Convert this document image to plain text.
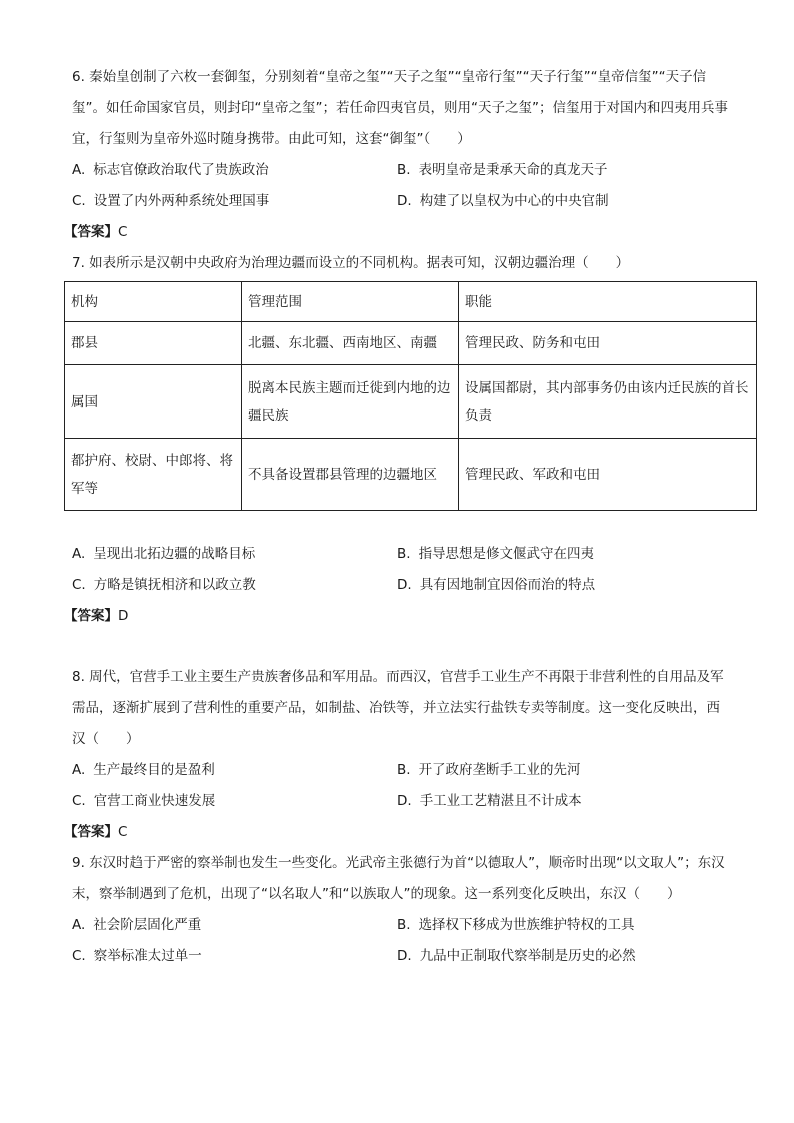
6. 秦始皇创制了六枚一套御玺，分别刻着“皇帝之玺”“天子之玺”“皇帝行玺”“天子行玺”“皇帝信玺”“天子信玺”。如任命国家官员，则封印“皇帝之玺”；若任命四夷官员，则用“天子之玺”；信玺用于对国内和四夷用兵事宜，行玺则为皇帝外巡时随身携带。由此可知，这套“御玺”（　　）

A. 标志官僚政治取代了贵族政治	B. 表明皇帝是秉承天命的真龙天子
C. 设置了内外两种系统处理国事	D. 构建了以皇权为中心的中央官制
【答案】C

7. 如表所示是汉朝中央政府为治理边疆而设立的不同机构。据表可知，汉朝边疆治理（　　）

机构	管理范围	职能
郡县	北疆、东北疆、西南地区、南疆	管理民政、防务和屯田
属国	脱离本民族主题而迁徙到内地的边疆民族	设属国都尉，其内部事务仍由该内迁民族的首长负责
都护府、校尉、中郎将、将军等	不具备设置郡县管理的边疆地区	管理民政、军政和屯田
A. 呈现出北拓边疆的战略目标	B. 指导思想是修文偃武守在四夷
C. 方略是镇抚相济和以政立教	D. 具有因地制宜因俗而治的特点
【答案】D

8. 周代，官营手工业主要生产贵族奢侈品和军用品。而西汉，官营手工业生产不再限于非营利性的自用品及军需品，逐渐扩展到了营利性的重要产品，如制盐、冶铁等，并立法实行盐铁专卖等制度。这一变化反映出，西汉（　　）

A. 生产最终目的是盈利	B. 开了政府垄断手工业的先河
C. 官营工商业快速发展	D. 手工业工艺精湛且不计成本
【答案】C

9. 东汉时趋于严密的察举制也发生一些变化。光武帝主张德行为首“以德取人”，顺帝时出现“以文取人”；东汉末，察举制遇到了危机，出现了“以名取人”和“以族取人”的现象。这一系列变化反映出，东汉（　　）

A. 社会阶层固化严重	B. 选择权下移成为世族维护特权的工具
C. 察举标准太过单一	D. 九品中正制取代察举制是历史的必然
